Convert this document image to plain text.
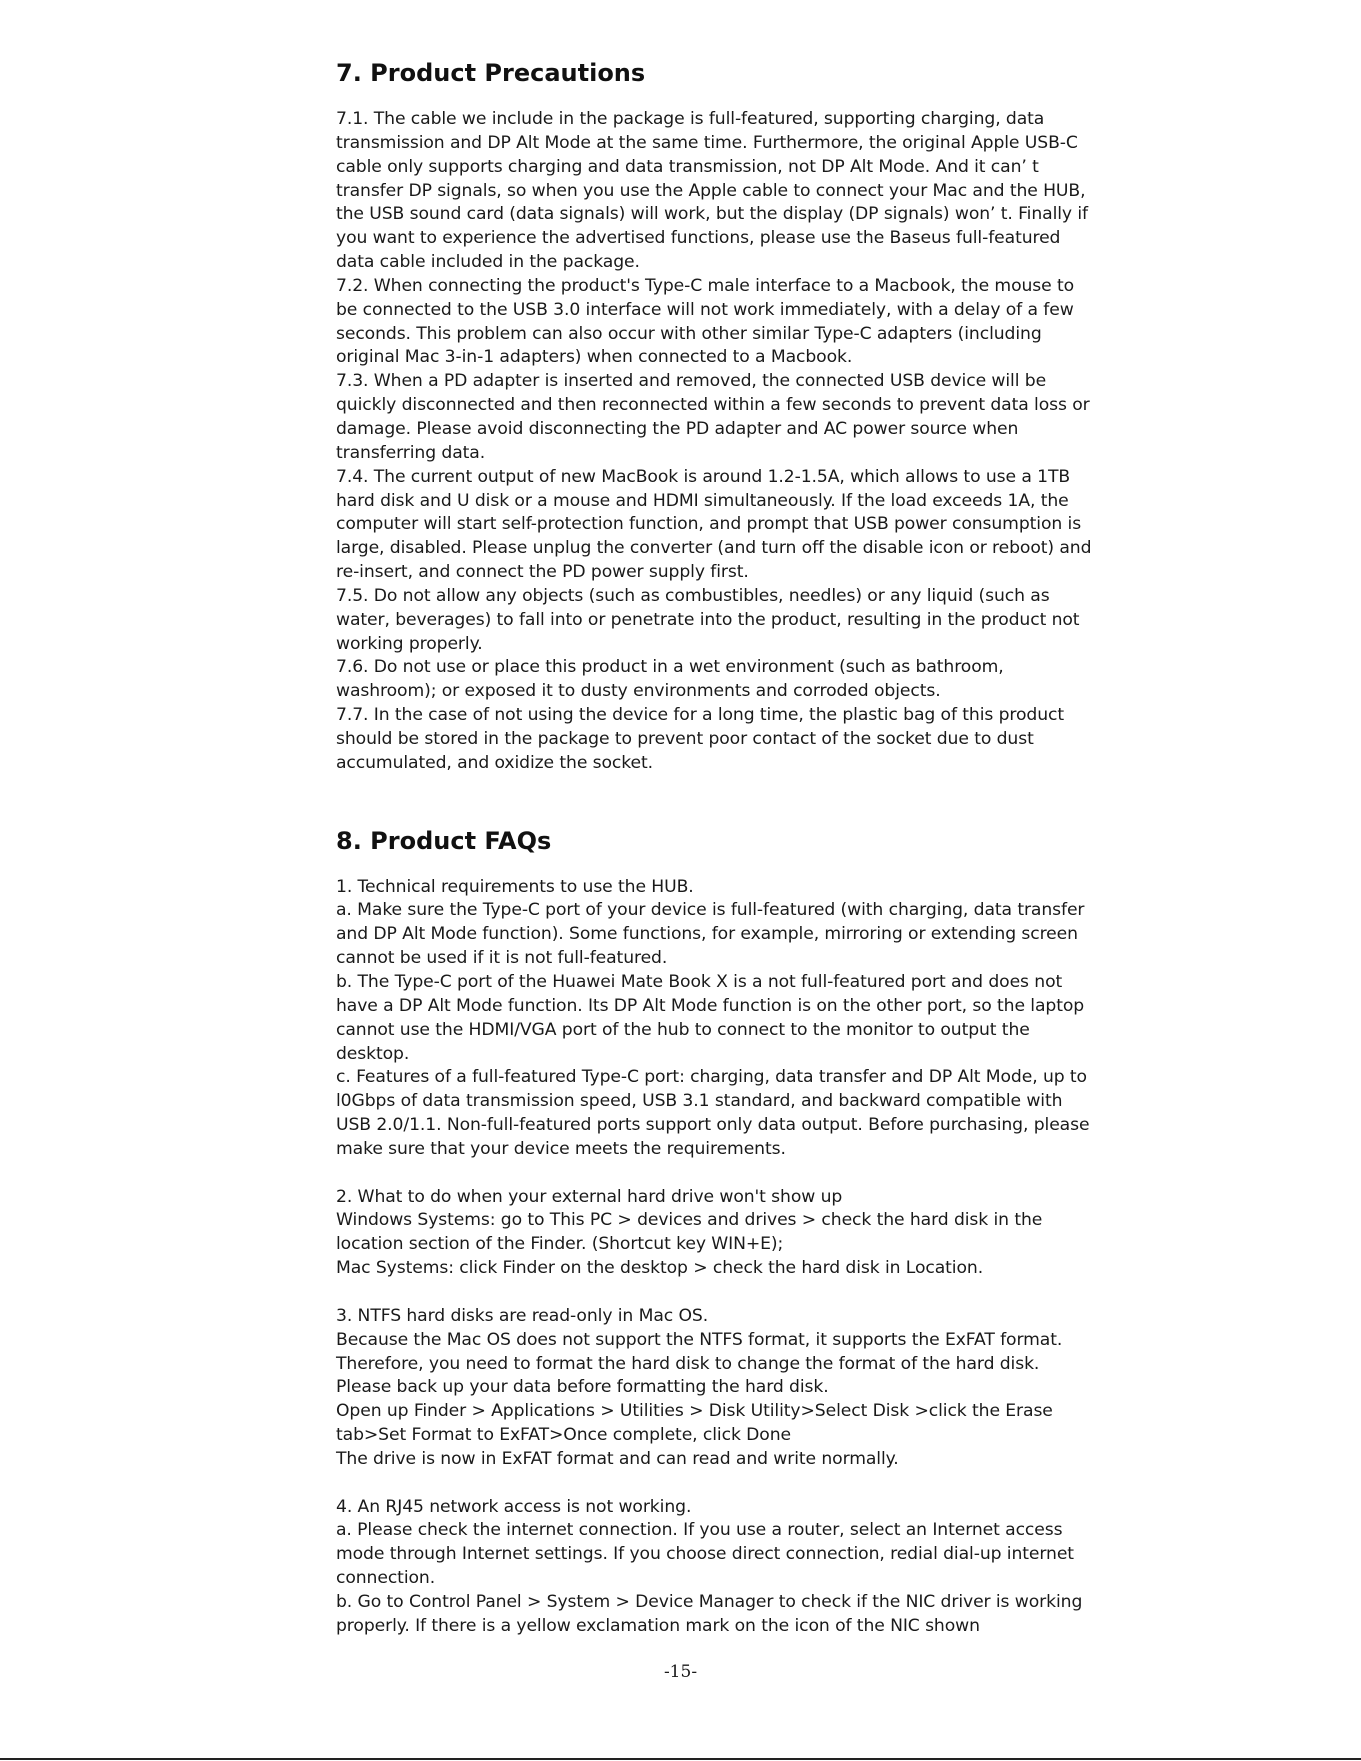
7. Product Precautions

7.1. The cable we include in the package is full-featured, supporting charging, data transmission and DP Alt Mode at the same time. Furthermore, the original Apple USB-C cable only supports charging and data transmission, not DP Alt Mode. And it can’ t transfer DP signals, so when you use the Apple cable to connect your Mac and the HUB, the USB sound card (data signals) will work, but the display (DP signals) won’ t. Finally if you want to experience the advertised functions, please use the Baseus full-featured data cable included in the package.

7.2. When connecting the product's Type-C male interface to a Macbook, the mouse to be connected to the USB 3.0 interface will not work immediately, with a delay of a few seconds. This problem can also occur with other similar Type-C adapters (including original Mac 3-in-1 adapters) when connected to a Macbook.

7.3. When a PD adapter is inserted and removed, the connected USB device will be quickly disconnected and then reconnected within a few seconds to prevent data loss or damage. Please avoid disconnecting the PD adapter and AC power source when transferring data.

7.4. The current output of new MacBook is around 1.2-1.5A, which allows to use a 1TB hard disk and U disk or a mouse and HDMI simultaneously. If the load exceeds 1A, the computer will start self-protection function, and prompt that USB power consumption is large, disabled. Please unplug the converter (and turn off the disable icon or reboot) and re-insert, and connect the PD power supply first.

7.5. Do not allow any objects (such as combustibles, needles) or any liquid (such as water, beverages) to fall into or penetrate into the product, resulting in the product not working properly.

7.6. Do not use or place this product in a wet environment (such as bathroom, washroom); or exposed it to dusty environments and corroded objects.

7.7. In the case of not using the device for a long time, the plastic bag of this product should be stored in the package to prevent poor contact of the socket due to dust accumulated, and oxidize the socket.

8. Product FAQs

1. Technical requirements to use the HUB.

a. Make sure the Type-C port of your device is full-featured (with charging, data transfer and DP Alt Mode function). Some functions, for example, mirroring or extending screen cannot be used if it is not full-featured.

b. The Type-C port of the Huawei Mate Book X is a not full-featured port and does not have a DP Alt Mode function. Its DP Alt Mode function is on the other port, so the laptop cannot use the HDMI/VGA port of the hub to connect to the monitor to output the desktop.

c. Features of a full-featured Type-C port: charging, data transfer and DP Alt Mode, up to l0Gbps of data transmission speed, USB 3.1 standard, and backward compatible with USB 2.0/1.1. Non-full-featured ports support only data output. Before purchasing, please make sure that your device meets the requirements.

2. What to do when your external hard drive won't show up

Windows Systems: go to This PC > devices and drives > check the hard disk in the location section of the Finder. (Shortcut key WIN+E);

Mac Systems: click Finder on the desktop > check the hard disk in Location.

3. NTFS hard disks are read-only in Mac OS.

Because the Mac OS does not support the NTFS format, it supports the ExFAT format. Therefore, you need to format the hard disk to change the format of the hard disk. Please back up your data before formatting the hard disk.

Open up Finder > Applications > Utilities > Disk Utility>Select Disk >click the Erase tab>Set Format to ExFAT>Once complete, click Done

The drive is now in ExFAT format and can read and write normally.

4. An RJ45 network access is not working.

a. Please check the internet connection. If you use a router, select an Internet access mode through Internet settings. If you choose direct connection, redial dial-up internet connection.

b. Go to Control Panel > System > Device Manager to check if the NIC driver is working properly. If there is a yellow exclamation mark on the icon of the NIC shown

-15-
